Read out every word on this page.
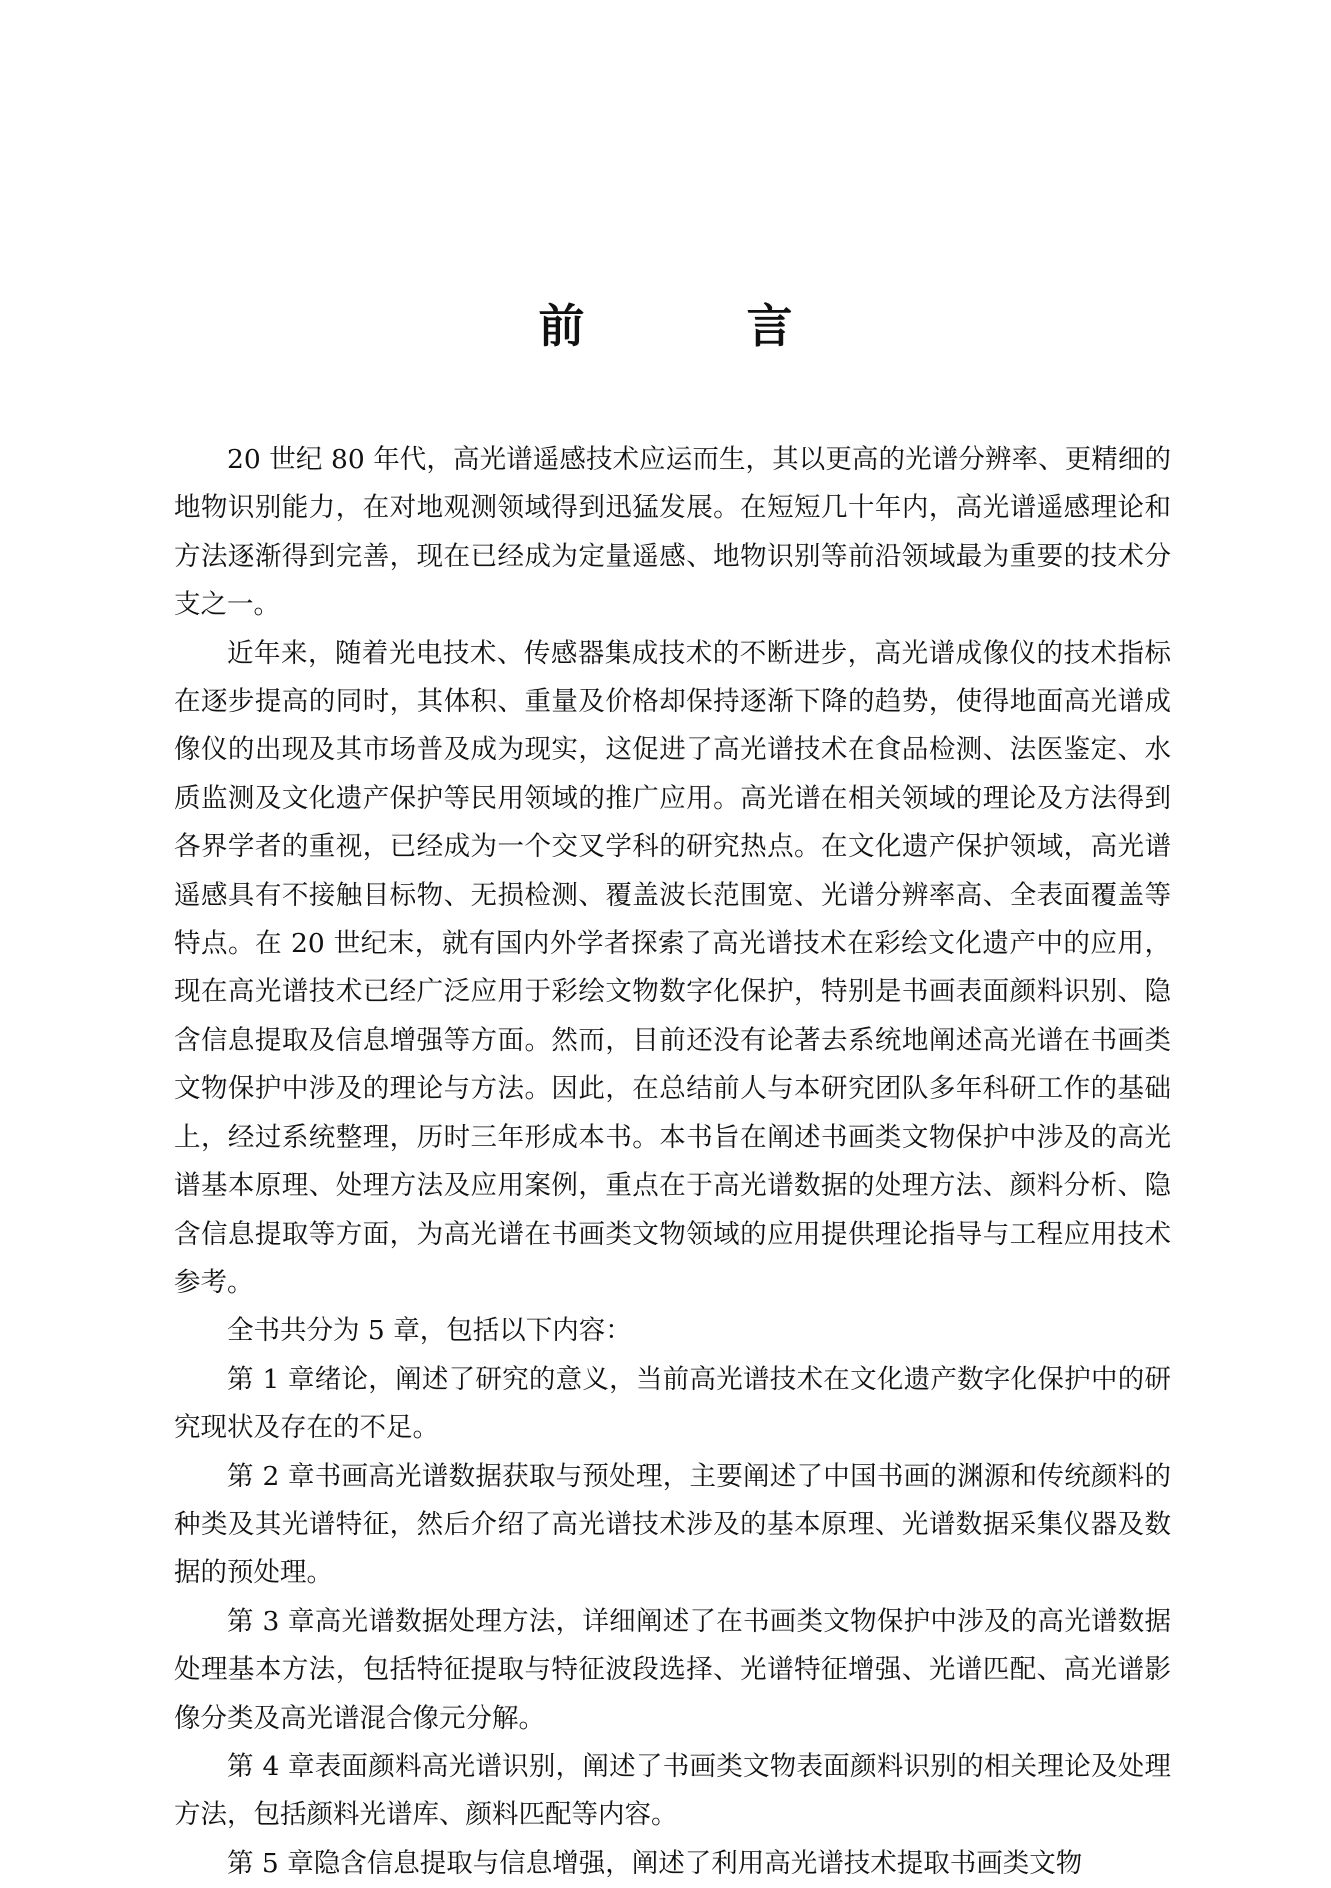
前　言

20 世纪 80 年代，高光谱遥感技术应运而生，其以更高的光谱分辨率、更精细的地物识别能力，在对地观测领域得到迅猛发展。在短短几十年内，高光谱遥感理论和方法逐渐得到完善，现在已经成为定量遥感、地物识别等前沿领域最为重要的技术分支之一。

近年来，随着光电技术、传感器集成技术的不断进步，高光谱成像仪的技术指标在逐步提高的同时，其体积、重量及价格却保持逐渐下降的趋势，使得地面高光谱成像仪的出现及其市场普及成为现实，这促进了高光谱技术在食品检测、法医鉴定、水质监测及文化遗产保护等民用领域的推广应用。高光谱在相关领域的理论及方法得到各界学者的重视，已经成为一个交叉学科的研究热点。在文化遗产保护领域，高光谱遥感具有不接触目标物、无损检测、覆盖波长范围宽、光谱分辨率高、全表面覆盖等特点。在 20 世纪末，就有国内外学者探索了高光谱技术在彩绘文化遗产中的应用，现在高光谱技术已经广泛应用于彩绘文物数字化保护，特别是书画表面颜料识别、隐含信息提取及信息增强等方面。然而，目前还没有论著去系统地阐述高光谱在书画类文物保护中涉及的理论与方法。因此，在总结前人与本研究团队多年科研工作的基础上，经过系统整理，历时三年形成本书。本书旨在阐述书画类文物保护中涉及的高光谱基本原理、处理方法及应用案例，重点在于高光谱数据的处理方法、颜料分析、隐含信息提取等方面，为高光谱在书画类文物领域的应用提供理论指导与工程应用技术参考。

全书共分为 5 章，包括以下内容：

第 1 章绪论，阐述了研究的意义，当前高光谱技术在文化遗产数字化保护中的研究现状及存在的不足。

第 2 章书画高光谱数据获取与预处理，主要阐述了中国书画的渊源和传统颜料的种类及其光谱特征，然后介绍了高光谱技术涉及的基本原理、光谱数据采集仪器及数据的预处理。

第 3 章高光谱数据处理方法，详细阐述了在书画类文物保护中涉及的高光谱数据处理基本方法，包括特征提取与特征波段选择、光谱特征增强、光谱匹配、高光谱影像分类及高光谱混合像元分解。

第 4 章表面颜料高光谱识别，阐述了书画类文物表面颜料识别的相关理论及处理方法，包括颜料光谱库、颜料匹配等内容。

第 5 章隐含信息提取与信息增强，阐述了利用高光谱技术提取书画类文物
